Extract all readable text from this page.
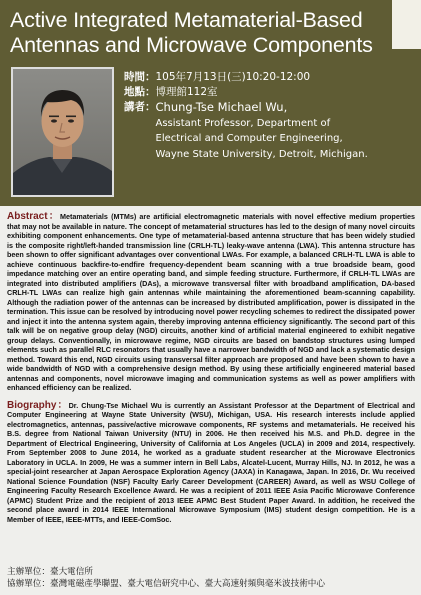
Active Integrated Metamaterial-Based
Antennas and Microwave Components
時間： 105年7月13日(三)10:20-12:00
地點： 博理館112室
講者： Chung-Tse Michael Wu,
Assistant Professor, Department of
Electrical and Computer Engineering,
Wayne State University, Detroit, Michigan.

Abstract：Metamaterials (MTMs) are artificial electromagnetic materials with novel effective medium properties that may not be available in nature. The concept of metamaterial structures has led to the design of many novel circuits exhibiting component enhancements. One type of metamaterial-based antenna structure that has been widely studied is the composite right/left-handed transmission line (CRLH-TL) leaky-wave antenna (LWA). This antenna structure has been shown to offer significant advantages over conventional LWAs. For example, a balanced CRLH-TL LWA is able to achieve continuous backfire-to-endfire frequency-dependent beam scanning with a true broadside beam, good impedance matching over an entire operating band, and simple feeding structure. Furthermore, if CRLH-TL LWAs are integrated into distributed amplifiers (DAs), a microwave transversal filter with broadband amplification, DA-based CRLH-TL LWAs can realize high gain antennas while maintaining the aforementioned beam-scanning capability. Although the radiation power of the antennas can be increased by distributed amplification, power is dissipated in the termination. This issue can be resolved by introducing novel power recycling schemes to redirect the dissipated power and inject it into the antenna system again, thereby improving antenna efficiency significantly. The second part of this talk will be on negative group delay (NGD) circuits, another kind of artificial material engineered to exhibit negative group delays. Conventionally, in microwave regime, NGD circuits are based on bandstop structures using lumped elements such as parallel RLC resonators that usually have a narrower bandwidth of NGD and lack a systematic design method. Toward this end, NGD circuits using transversal filter approach are proposed and have been shown to have a wide bandwidth of NGD with a comprehensive design method. By using these artificially engineered material based antennas and components, novel microwave imaging and communication systems as well as power amplifiers with enhanced efficiency can be realized.

Biography：Dr. Chung-Tse Michael Wu is currently an Assistant Professor at the Department of Electrical and Computer Engineering at Wayne State University (WSU), Michigan, USA. His research interests include applied electromagnetics, antennas, passive/active microwave components, RF systems and metamaterials. He received his B.S. degree from National Taiwan University (NTU) in 2006. He then received his M.S. and Ph.D. degree in the Department of Electrical Engineering, University of California at Los Angeles (UCLA) in 2009 and 2014, respectively. From September 2008 to June 2014, he worked as a graduate student researcher at the Microwave Electronics Laboratory in UCLA. In 2009, He was a summer intern in Bell Labs, Alcatel-Lucent, Murray Hills, NJ. In 2012, he was a special-joint researcher at Japan Aerospace Exploration Agency (JAXA) in Kanagawa, Japan. In 2016, Dr. Wu received National Science Foundation (NSF) Faculty Early Career Development (CAREER) Award, as well as WSU College of Engineering Faculty Research Excellence Award. He was a recipient of 2011 IEEE Asia Pacific Microwave Conference (APMC) Student Prize and the recipient of 2013 IEEE APMC Best Student Paper Award. In addition, he received the second place award in 2014 IEEE International Microwave Symposium (IMS) student design competition. He is a Member of IEEE, IEEE-MTTs, and IEEE-ComSoc.

主辦單位：臺大電信所
協辦單位：臺灣電磁產學聯盟、臺大電信研究中心、臺大高速射頻與毫米波技術中心
